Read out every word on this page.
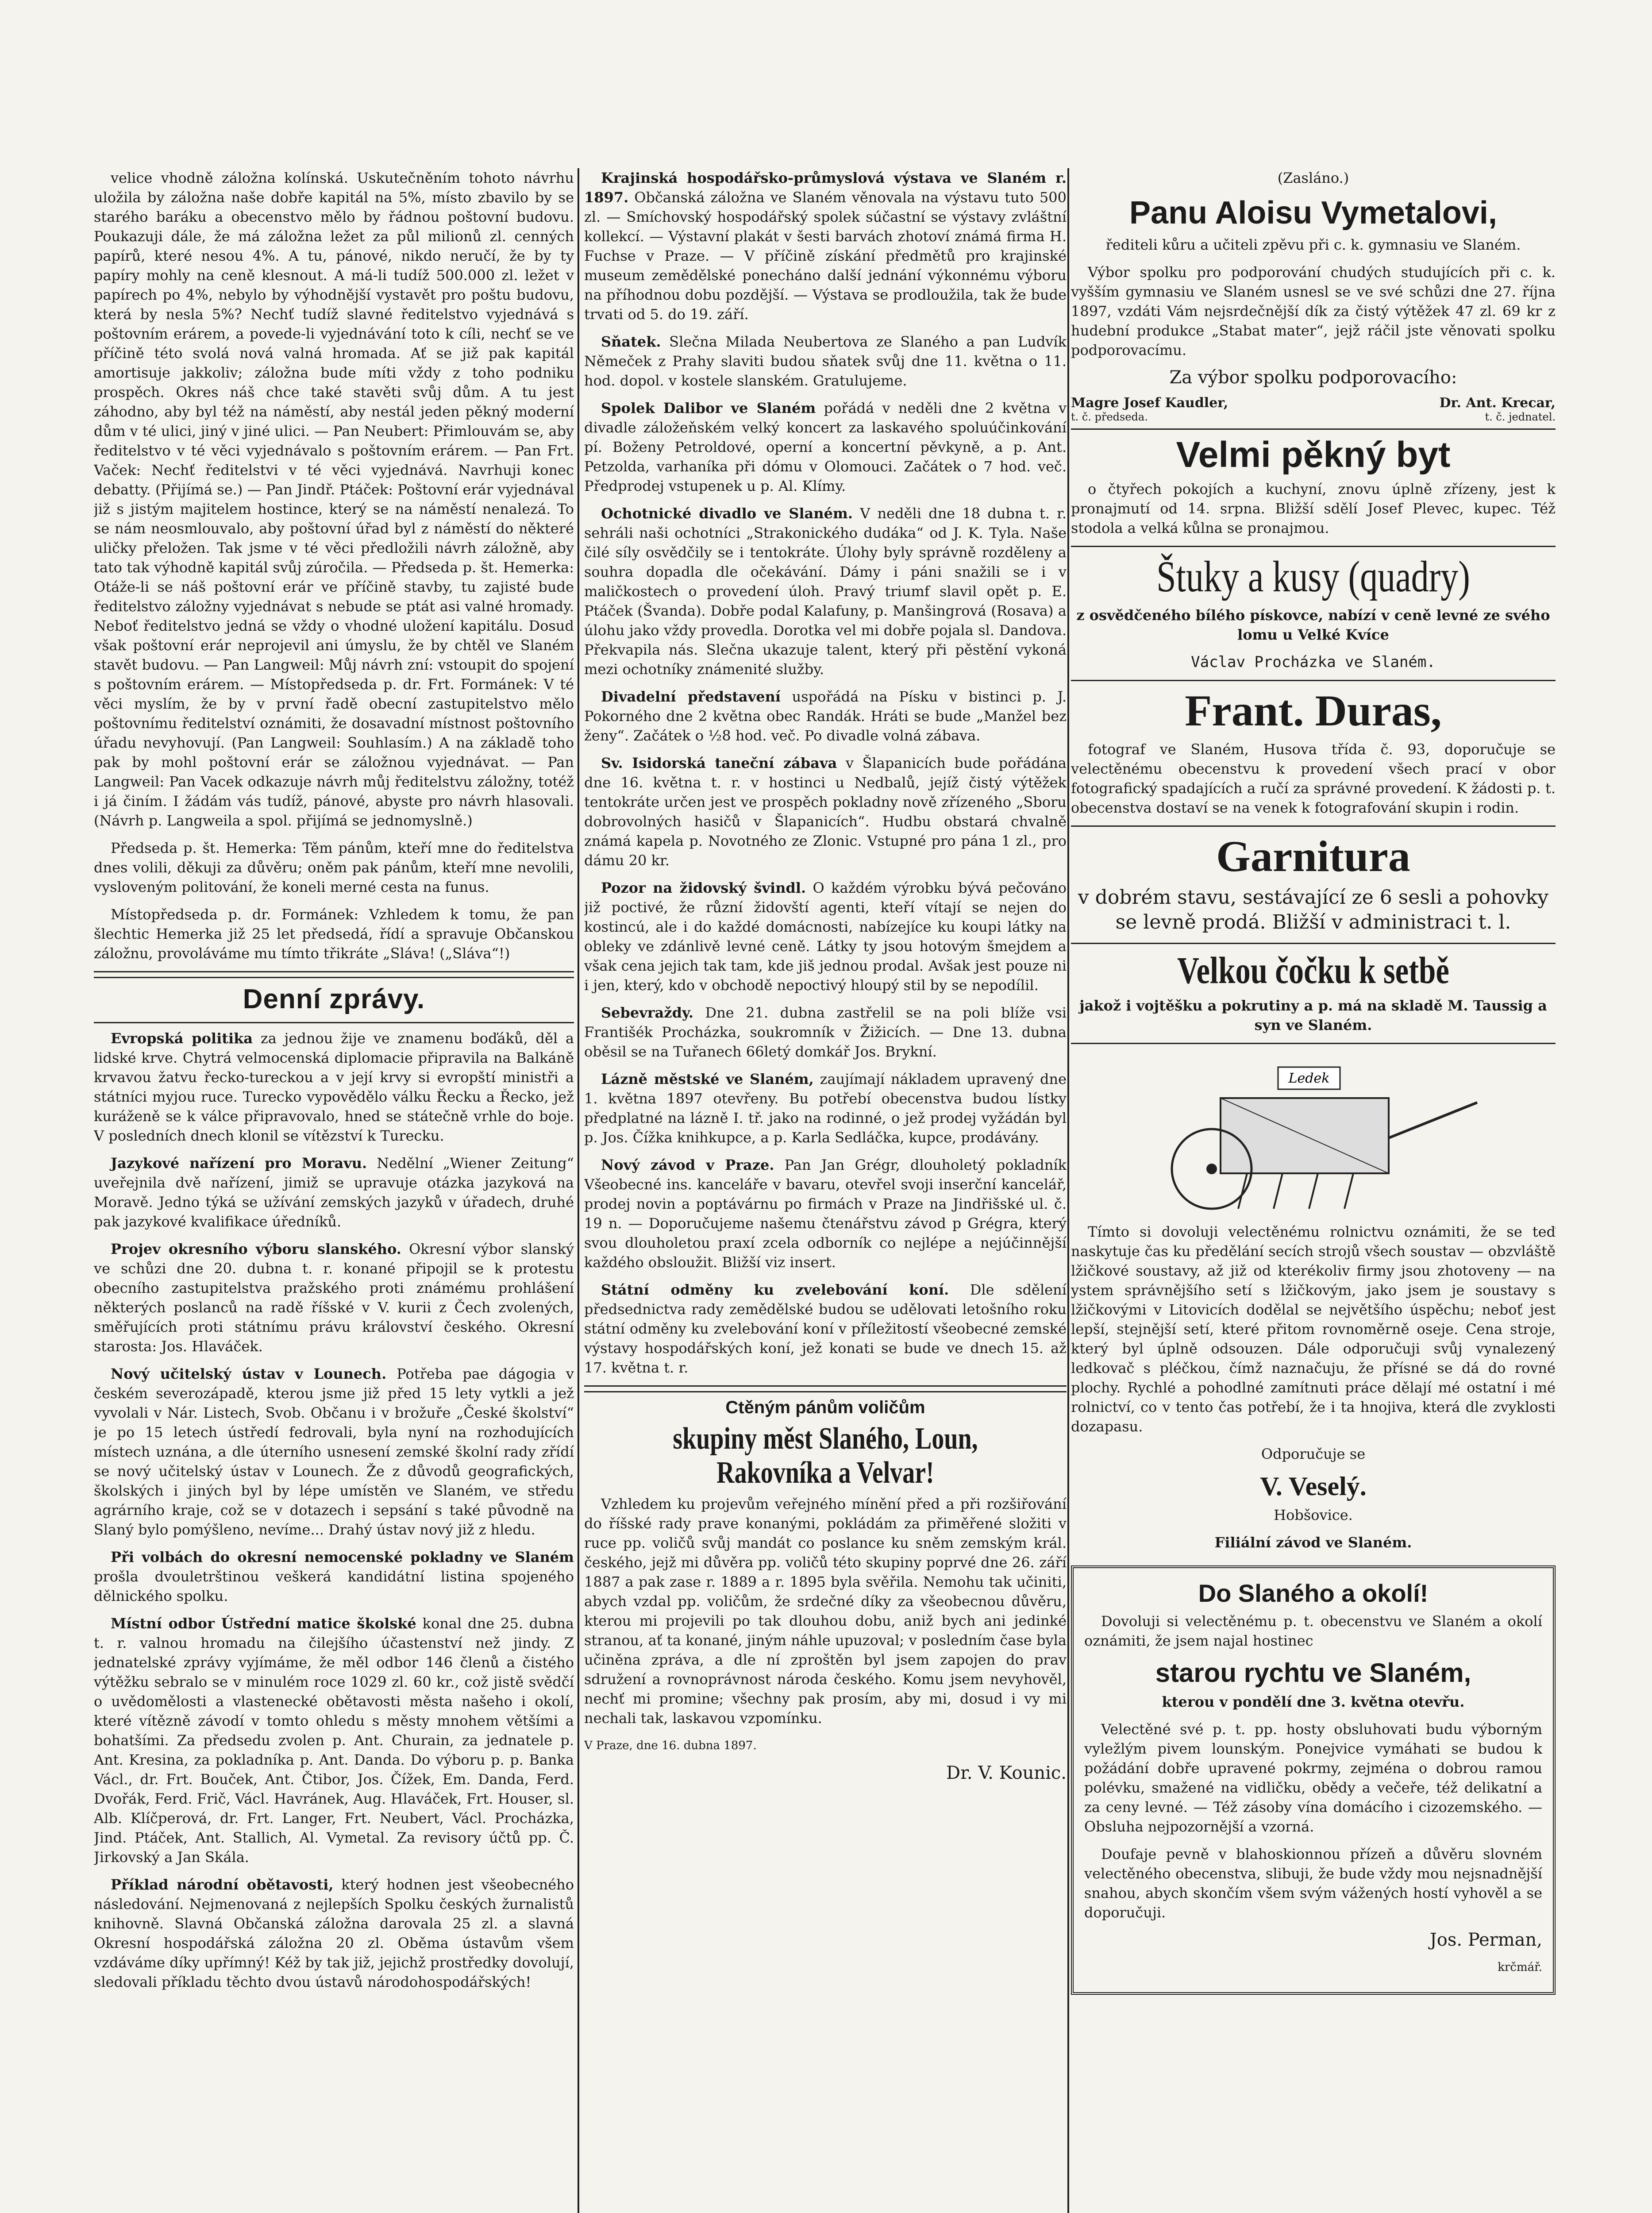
velice vhodně záložna kolínská. Uskutečněním tohoto návrhu uložila by záložna naše dobře kapitál na 5%, místo zbavilo by se starého baráku a obecenstvo mělo by řádnou poštovní budovu. Poukazuji dále, že má záložna ležet za půl milionů zl. cenných papírů, které nesou 4%. A tu, pánové, nikdo neručí, že by ty papíry mohly na ceně klesnout. A má-li tudíž 500.000 zl. ležet v papírech po 4%, nebylo by výhodnější vystavět pro poštu budovu, která by nesla 5%? Nechť tudíž slavné ředitelstvo vyjednává s poštovním erárem, a povede-li vyjednávání toto k cíli, nechť se ve příčině této svolá nová valná hromada. Ať se již pak kapitál amortisuje jakkoliv; záložna bude míti vždy z toho podniku prospěch. Okres náš chce také stavěti svůj dům. A tu jest záhodno, aby byl též na náměstí, aby nestál jeden pěkný moderní dům v té ulici, jiný v jiné ulici. — Pan Neubert: Přimlouvám se, aby ředitelstvo v té věci vyjednávalo s poštovním erárem. — Pan Frt. Vaček: Nechť ředitelstvi v té věci vyjednává. Navrhuji konec debatty. (Přijímá se.) — Pan Jindř. Ptáček: Poštovní erár vyjednával již s jistým majitelem hostince, který se na náměstí nenalezá. To se nám neosmlouvalo, aby poštovní úřad byl z náměstí do některé uličky přeložen. Tak jsme v té věci předložili návrh záložně, aby tato tak výhodně kapitál svůj zúročila. — Předseda p. št. Hemerka: Otáže-li se náš poštovní erár ve příčině stavby, tu zajisté bude ředitelstvo záložny vyjednávat s nebude se ptát asi valné hromady. Neboť ředitelstvo jedná se vždy o vhodné uložení kapitálu. Dosud však poštovní erár neprojevil ani úmyslu, že by chtěl ve Slaném stavět budovu. — Pan Langweil: Můj návrh zní: vstoupit do spojení s poštovním erárem. — Místopředseda p. dr. Frt. Formánek: V té věci myslím, že by v první řadě obecní zastupitelstvo mělo poštovnímu ředitelství oznámiti, že dosavadní místnost poštovního úřadu nevyhovují. (Pan Langweil: Souhlasím.) A na základě toho pak by mohl poštovní erár se záložnou vyjednávat. — Pan Langweil: Pan Vacek odkazuje návrh můj ředitelstvu záložny, totéž i já činím. I žádám vás tudíž, pánové, abyste pro návrh hlasovali. (Návrh p. Langweila a spol. přijímá se jednomyslně.)

Předseda p. št. Hemerka: Těm pánům, kteří mne do ředitelstva dnes volili, děkuji za důvěru; oněm pak pánům, kteří mne nevolili, vysloveným politování, že koneli merné cesta na funus.

Místopředseda p. dr. Formánek: Vzhledem k tomu, že pan šlechtic Hemerka již 25 let předsedá, řídí a spravuje Občanskou záložnu, provoláváme mu tímto třikráte „Sláva! („Sláva“!)

Denní zprávy.

Evropská politika za jednou žije ve znamenu boďáků, děl a lidské krve. Chytrá velmocenská diplomacie připravila na Balkáně krvavou žatvu řecko-tureckou a v její krvy si evropští ministři a státníci myjou ruce. Turecko vypovědělo válku Řecku a Řecko, jež kuráženě se k válce připravovalo, hned se státečně vrhle do boje. V posledních dnech klonil se vítězství k Turecku.

Jazykové nařízení pro Moravu. Nedělní „Wiener Zeitung“ uveřejnila dvě nařízení, jimiž se upravuje otázka jazyková na Moravě. Jedno týká se užívání zemských jazyků v úřadech, druhé pak jazykové kvalifikace úředníků.

Projev okresního výboru slanského. Okresní výbor slanský ve schůzi dne 20. dubna t. r. konané připojil se k protestu obecního zastupitelstva pražského proti známému prohlášení některých poslanců na radě říšské v V. kurii z Čech zvolených, směřujících proti státnímu právu království českého. Okresní starosta: Jos. Hlaváček.

Nový učitelský ústav v Lounech. Potřeba pae dágogia v českém severozápadě, kterou jsme již před 15 lety vytkli a jež vyvolali v Nár. Listech, Svob. Občanu i v brožuře „České školství“ je po 15 letech ústředí fedrovali, byla nyní na rozhodujících místech uznána, a dle úterního usnesení zemské školní rady zřídí se nový učitelský ústav v Lounech. Že z důvodů geografických, školských i jiných byl by lépe umístěn ve Slaném, ve středu agrárního kraje, což se v dotazech i sepsání s také původně na Slaný bylo pomýšleno, nevíme... Drahý ústav nový již z hledu.

Při volbách do okresní nemocenské pokladny ve Slaném prošla dvouletrštinou veškerá kandidátní listina spojeného dělnického spolku.

Místní odbor Ústřední matice školské konal dne 25. dubna t. r. valnou hromadu na čilejšího účastenství než jindy. Z jednatelské zprávy vyjímáme, že měl odbor 146 členů a čistého výtěžku sebralo se v minulém roce 1029 zl. 60 kr., což jistě svědčí o uvědomělosti a vlastenecké obětavosti města našeho i okolí, které vítězně závodí v tomto ohledu s městy mnohem většími a bohatšími. Za předsedu zvolen p. Ant. Churain, za jednatele p. Ant. Kresina, za pokladníka p. Ant. Danda. Do výboru p. p. Banka Václ., dr. Frt. Bouček, Ant. Čtibor, Jos. Čížek, Em. Danda, Ferd. Dvořák, Ferd. Frič, Václ. Havránek, Aug. Hlaváček, Frt. Houser, sl. Alb. Klíčperová, dr. Frt. Langer, Frt. Neubert, Václ. Procházka, Jind. Ptáček, Ant. Stallich, Al. Vymetal. Za revisory účtů pp. Č. Jirkovský a Jan Skála.

Příklad národní obětavosti, který hodnen jest všeobecného následování. Nejmenovaná z nejlepších Spolku českých žurnalistů knihovně. Slavná Občanská záložna darovala 25 zl. a slavná Okresní hospodářská záložna 20 zl. Oběma ústavům všem vzdáváme díky upřímný! Kéž by tak již, jejichž prostředky dovolují, sledovali příkladu těchto dvou ústavů národohospodářských!

Krajinská hospodářsko-průmyslová výstava ve Slaném r. 1897. Občanská záložna ve Slaném věnovala na výstavu tuto 500 zl. — Smíchovský hospodářský spolek súčastní se výstavy zvláštní kollekcí. — Výstavní plakát v šesti barvách zhotoví známá firma H. Fuchse v Praze. — V příčině získání předmětů pro krajinské museum zemědělské ponecháno další jednání výkonnému výboru na příhodnou dobu pozdější. — Výstava se prodloužila, tak že bude trvati od 5. do 19. září.

Sňatek. Slečna Milada Neubertova ze Slaného a pan Ludvík Němeček z Prahy slaviti budou sňatek svůj dne 11. května o 11. hod. dopol. v kostele slanském. Gratulujeme.

Spolek Dalibor ve Slaném pořádá v neděli dne 2 května v divadle záložeňském velký koncert za laskavého spoluúčinkování pí. Boženy Petroldové, operní a koncertní pěvkyně, a p. Ant. Petzolda, varhaníka při dómu v Olomouci. Začátek o 7 hod. več. Předprodej vstupenek u p. Al. Klímy.

Ochotnické divadlo ve Slaném. V neděli dne 18 dubna t. r. sehráli naši ochotníci „Strakonického dudáka“ od J. K. Tyla. Naše čilé síly osvědčily se i tentokráte. Úlohy byly správně rozděleny a souhra dopadla dle očekávání. Dámy i páni snažili se i v maličkostech o provedení úloh. Pravý triumf slavil opět p. E. Ptáček (Švanda). Dobře podal Kalafuny, p. Manšingrová (Rosava) a úlohu jako vždy provedla. Dorotka vel mi dobře pojala sl. Dandova. Překvapila nás. Slečna ukazuje talent, který při pěstění vykoná mezi ochotníky známenité služby.

Divadelní představení uspořádá na Písku v bistinci p. J. Pokorného dne 2 května obec Randák. Hráti se bude „Manžel bez ženy“. Začátek o ½8 hod. več. Po divadle volná zábava.

Sv. Isidorská taneční zábava v Šlapanicích bude pořádána dne 16. května t. r. v hostinci u Nedbalů, jejíž čistý výtěžek tentokráte určen jest ve prospěch pokladny nově zřízeného „Sboru dobrovolných hasičů v Šlapanicích“. Hudbu obstará chvalně známá kapela p. Novotného ze Zlonic. Vstupné pro pána 1 zl., pro dámu 20 kr.

Pozor na židovský švindl. O každém výrobku bývá pečováno již poctivé, že různí židovští agenti, kteří vítají se nejen do kostincú, ale i do každé domácnosti, nabízejíce ku koupi látky na obleky ve zdánlivě levné ceně. Látky ty jsou hotovým šmejdem a však cena jejich tak tam, kde jiš jednou prodal. Avšak jest pouze ni i jen, který, kdo v obchodě nepoctivý hloupý stil by se nepodílil.

Sebevraždy. Dne 21. dubna zastřelil se na poli blíže vsi Františék Procházka, soukromník v Žižicích. — Dne 13. dubna oběsil se na Tuřanech 66letý domkář Jos. Brykní.

Lázně městské ve Slaném, zaujímají nákladem upravený dne 1. května 1897 otevřeny. Bu potřebí obecenstva budou lístky předplatné na lázně I. tř. jako na rodinné, o jež prodej vyžádán byl p. Jos. Čížka knihkupce, a p. Karla Sedláčka, kupce, prodávány.

Nový závod v Praze. Pan Jan Grégr, dlouholetý pokladník Všeobecné ins. kanceláře v bavaru, otevřel svoji inserční kancelář, prodej novin a poptávárnu po firmách v Praze na Jindřišské ul. č. 19 n. — Doporučujeme našemu čtenářstvu závod p Grégra, který svou dlouholetou praxí zcela odborník co nejlépe a nejúčinnější každého obsloužit. Bližší viz insert.

Státní odměny ku zvelebování koní. Dle sdělení předsednictva rady zemědělské budou se udělovati letošního roku státní odměny ku zvelebování koní v příležitostí všeobecné zemské výstavy hospodářských koní, jež konati se bude ve dnech 15. až 17. května t. r.

Ctěným pánům voličům
skupiny měst Slaného, Loun, Rakovníka a Velvar!

Vzhledem ku projevům veřejného mínění před a při rozšiřování do říšské rady prave konanými, pokládám za přiměřené složiti v ruce pp. voličů svůj mandát co poslance ku sněm zemským král. českého, jejž mi důvěra pp. voličů této skupiny poprvé dne 26. září 1887 a pak zase r. 1889 a r. 1895 byla svěřila. Nemohu tak učiniti, abych vzdal pp. voličům, že srdečné díky za všeobecnou důvěru, kterou mi projevili po tak dlouhou dobu, aniž bych ani jedinké stranou, ať ta konané, jiným náhle upuzoval; v posledním čase byla učiněna zpráva, a dle ní zproštěn byl jsem zapojen do prav sdružení a rovnoprávnost národa českého. Komu jsem nevyhověl, nechť mi promine; všechny pak prosím, aby mi, dosud i vy mi nechali tak, laskavou vzpomínku.

V Praze, dne 16. dubna 1897.

Dr. V. Kounic.

(Zasláno.)

Panu Aloisu Vymetalovi,

řediteli kůru a učiteli zpěvu při c. k. gymnasiu ve Slaném.

Výbor spolku pro podporování chudých studujících při c. k. vyšším gymnasiu ve Slaném usnesl se ve své schůzi dne 27. října 1897, vzdáti Vám nejsrdečnější dík za čistý výtěžek 47 zl. 69 kr z hudební produkce „Stabat mater“, jejž ráčil jste věnovati spolku podporovacímu.

Za výbor spolku podporovacího:

Magre Josef Kaudler,	Dr. Ant. Krecar,
t. č. předseda.	t. č. jednatel.
Velmi pěkný byt

o čtyřech pokojích a kuchyní, znovu úplně zřízeny, jest k pronajmutí od 14. srpna. Bližší sdělí Josef Plevec, kupec. Též stodola a velká kůlna se pronajmou.

Štuky a kusy (quadry)

z osvědčeného bílého pískovce, nabízí v ceně levné ze svého lomu u Velké Kvíce

Václav Procházka ve Slaném.

Frant. Duras,

fotograf ve Slaném, Husova třída č. 93, doporučuje se velectěnému obecenstvu k provedení všech prací v obor fotografický spadajících a ručí za správné provedení. K žádosti p. t. obecenstva dostaví se na venek k fotografování skupin i rodin.

Garnitura

v dobrém stavu, sestávající ze 6 sesli a pohovky se levně prodá. Bližší v administraci t. l.

Velkou čočku k setbě

jakož i vojtěšku a pokrutiny a p. má na skladě M. Taussig a syn ve Slaném.

Ledek

Tímto si dovoluji velectěnému rolnictvu oznámiti, že se teď naskytuje čas ku předělání secích strojů všech soustav — obzvláště lžičkové soustavy, až již od kterékoliv firmy jsou zhotoveny — na ystem správnějšího setí s lžičkovým, jako jsem je soustavy s lžičkovými v Litovicích dodělal se největšího úspěchu; neboť jest lepší, stejnější setí, které přitom rovnoměrně oseje. Cena stroje, který byl úplně odsouzen. Dále odporučuji svůj vynalezený ledkovač s pléčkou, čímž naznačuju, že přísné se dá do rovné plochy. Rychlé a pohodlné zamítnuti práce dělají mé ostatní i mé rolnictví, co v tento čas potřebí, že i ta hnojiva, která dle zvyklosti dozapasu.

Odporučuje se

V. Veselý.

Hobšovice.

Filiální závod ve Slaném.

Do Slaného a okolí!

Dovoluji si velectěnému p. t. obecenstvu ve Slaném a okolí oznámiti, že jsem najal hostinec

starou rychtu ve Slaném,

kterou v pondělí dne 3. května otevřu.

Velectěné své p. t. pp. hosty obsluhovati budu výborným vyležlým pivem lounským. Ponejvice vymáhati se budou k požádání dobře upravené pokrmy, zejména o dobrou ramou polévku, smažené na vidličku, obědy a večeře, též delikatní a za ceny levné. — Též zásoby vína domácího i cizozemského. — Obsluha nejpozornější a vzorná.

Doufaje pevně v blahoskionnou přízeň a důvěru slovném velectěného obecenstva, slibuji, že bude vždy mou nejsnadnější snahou, abych skončím všem svým vážených hostí vyhověl a se doporučuji.

Jos. Perman,

krčmář.
